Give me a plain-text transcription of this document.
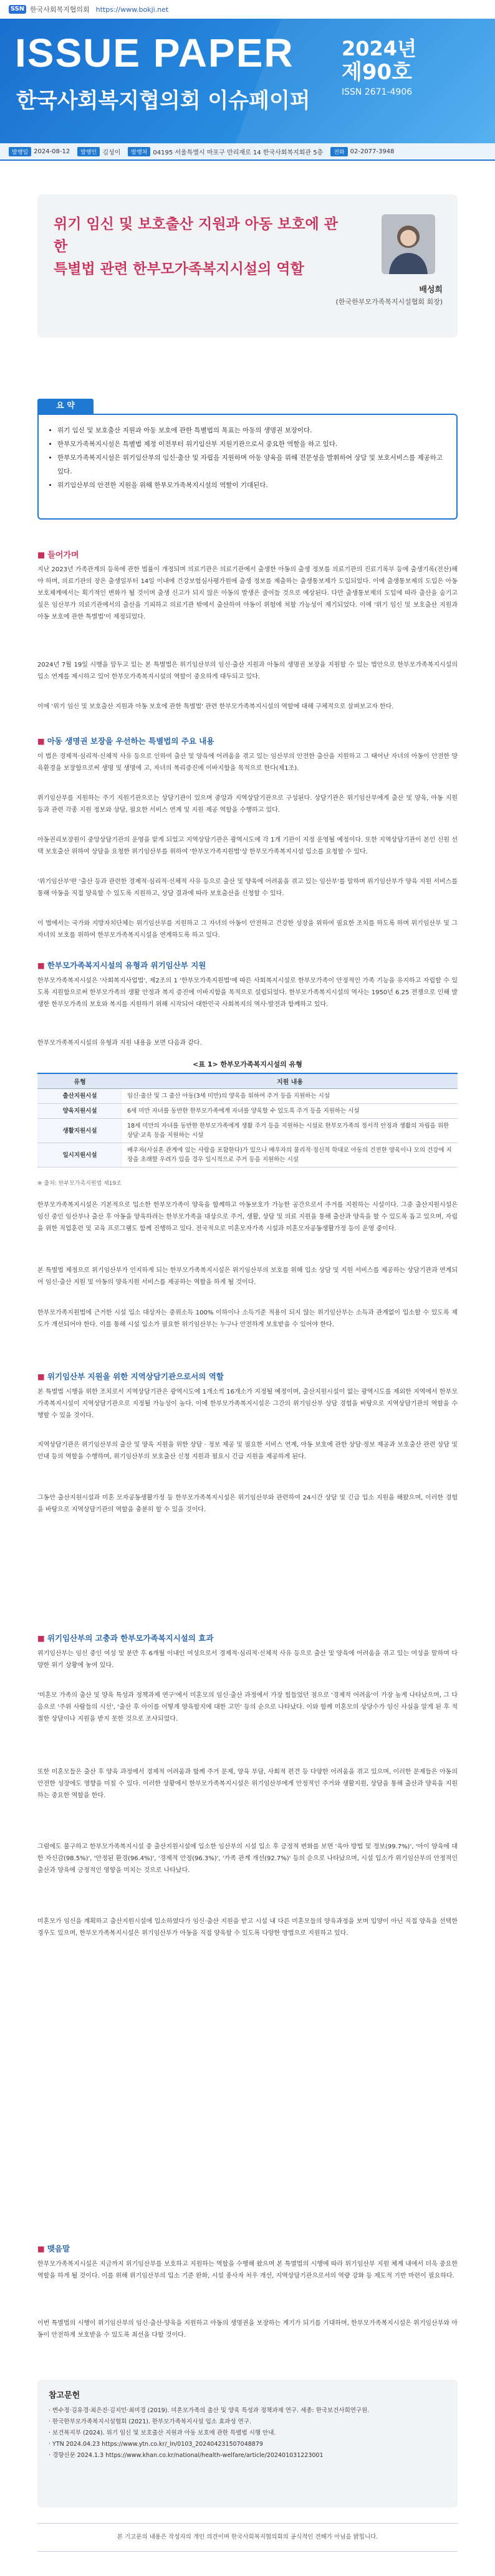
SSN 한국사회복지협의회 https://www.bokji.net
ISSUE PAPER
한국사회복지협의회 이슈페이퍼
2024년
제90호
ISSN 2671-4906
발행일 2024-08-12	발행인 김성이	발행처 04195 서울특별시 마포구 만리재로 14 한국사회복지회관 5층	전화 02-2077-3948
위기 임신 및 보호출산 지원과 아동 보호에 관한
특별법 관련 한부모가족복지시설의 역할
배성희
(한국한부모가족복지시설협회 회장)
요 약
• 위기 임신 및 보호출산 지원과 아동 보호에 관한 특별법의 목표는 아동의 생명권 보장이다.
• 한부모가족복지시설은 특별법 제정 이전부터 위기임산부 지원기관으로서 중요한 역할을 하고 있다.
• 한부모가족복지시설은 위기임산부의 임신·출산 및 자립을 지원하며 아동 양육을 위해 전문성을 발휘하여 상담 및 보호서비스를 제공하고 있다.
• 위기임산부의 안전한 지원을 위해 한부모가족복지시설의 역할이 기대된다.
■ 들어가며

지난 2023년 가족관계의 등록에 관한 법률이 개정되며 의료기관은 의료기관에서 출생한 아동의 출생 정보를 의료기관의 진료기록부 등에 출생기록(전산)해야 하며, 의료기관의 장은 출생일부터 14일 이내에 건강보험심사평가원에 출생 정보를 제출하는 출생통보제가 도입되었다. 이에 출생통보제의 도입은 아동 보호체계에서는 획기적인 변화가 될 것이며 출생 신고가 되지 않은 아동의 발생은 줄어들 것으로 예상된다. 다만 출생통보제의 도입에 따라 출산을 숨기고 싶은 임산부가 의료기관에서의 출산을 기피하고 의료기관 밖에서 출산하여 아동이 위험에 처할 가능성이 제기되었다. 이에 '위기 임신 및 보호출산 지원과 아동 보호에 관한 특별법'이 제정되었다.

2024년 7월 19일 시행을 앞두고 있는 본 특별법은 위기임산부의 임신·출산 지원과 아동의 생명권 보장을 지원할 수 있는 법안으로 한부모가족복지시설의 입소 연계를 제시하고 있어 한부모가족복지시설의 역할이 중요하게 대두되고 있다.

이에 '위기 임신 및 보호출산 지원과 아동 보호에 관한 특별법' 관련 한부모가족복지시설의 역할에 대해 구체적으로 살펴보고자 한다.

■ 아동 생명권 보장을 우선하는 특별법의 주요 내용

이 법은 경제적·심리적·신체적 사유 등으로 인하여 출산 및 양육에 어려움을 겪고 있는 임산부의 안전한 출산을 지원하고 그 태어난 자녀의 아동이 안전한 양육환경을 보장함으로써 생명 및 생명에 고, 자녀의 복리증진에 이바지함을 목적으로 한다(제1조).

위기임산부를 지원하는 주기 지원기관으로는 상담기관이 있으며 중앙과 지역상담기관으로 구성된다. 상담기관은 위기임산부에게 출산 및 양육, 아동 지원 등과 관련 각종 지원 정보와 상담, 필요한 서비스 연계 및 지원 제공 역할을 수행하고 있다.

아동권리보장원이 중앙상담기관의 운영을 맡게 되었고 지역상담기관은 광역시도에 각 1개 기관이 지정 운영될 예정이다. 또한 지역상담기관이 본인 신원 선택 보호출산 위하여 상담을 요청한 위기임산부를 위하여 '한부모가족지원법'상 한부모가족복지시설 입소를 요청할 수 있다.

'위기임산부'란 '출산 등과 관련한 경제적·심리적·신체적 사유 등으로 출산 및 양육에 어려움을 겪고 있는 임산부'를 말하며 위기임산부가 양육 지원 서비스를 통해 아동을 직접 양육할 수 있도록 지원하고, 상담 결과에 따라 보호출산을 신청할 수 있다.

이 법에서는 국가와 지방자치단체는 위기임산부를 지원하고 그 자녀의 아동이 안전하고 건강한 성장을 위하여 필요한 조치를 하도록 하며 위기임산부 및 그 자녀의 보호를 위하여 한부모가족복지시설을 연계하도록 하고 있다.

■ 한부모가족복지시설의 유형과 위기임산부 지원

한부모가족복지시설은 '사회복지사업법', 제2조의 1 '한부모가족지원법'에 따른 사회복지시설로 한부모가족이 안정적인 가족 기능을 유지하고 자립할 수 있도록 지원함으로써 한부모가족의 생활 안정과 복지 증진에 이바지함을 목적으로 설립되었다. 한부모가족복지시설의 역사는 1950년 6.25 전쟁으로 인해 발생한 한부모가족의 보호와 복지를 지원하기 위해 시작되어 대한민국 사회복지의 역사·발전과 함께하고 있다.

한부모가족복지시설의 유형과 지원 내용을 보면 다음과 같다.

<표 1> 한부모가족복지시설의 유형
유형	지원 내용
출산지원시설	임신·출산 및 그 출산 아동(3세 미만)의 양육을 위하여 주거 등을 지원하는 시설
양육지원시설	6세 미만 자녀를 동반한 한부모가족에게 자녀를 양육할 수 있도록 주거 등을 지원하는 시설
생활지원시설	18세 미만의 자녀를 동반한 한부모가족에게 생활 주거 등을 지원하는 시설로 한부모가족의 정서적 안정과 생활의 자립을 위한 상담·교육 등을 지원하는 시설
일시지원시설	배우자(사실혼 관계에 있는 사람을 포함한다)가 있으나 배우자의 물리적·정신적 학대로 아동의 건전한 양육이나 모의 건강에 지장을 초래할 우려가 있을 경우 일시적으로 주거 등을 지원하는 시설
※ 출처: 한부모가족지원법 제19조

한부모가족복지시설은 기본적으로 입소한 한부모가족이 양육을 함께하고 아동보호가 가능한 공간으로서 주거를 지원하는 시설이다. 그중 출산지원시설은 임신 중인 임산부나 출산 후 아동을 양육하려는 한부모가족을 대상으로 주거, 생활, 상담 및 의료 지원을 통해 출산과 양육을 할 수 있도록 돕고 있으며, 자립을 위한 직업훈련 및 교육 프로그램도 함께 진행하고 있다. 전국적으로 미혼모자가족 시설과 미혼모자공동생활가정 등이 운영 중이다.

본 특별법 제정으로 위기임산부가 인지하게 되는 한부모가족복지시설은 위기임산부의 보호를 위해 입소 상담 및 지원 서비스를 제공하는 상담기관과 연계되어 임신·출산 지원 및 아동의 양육지원 서비스를 제공하는 역할을 하게 될 것이다.

한부모가족지원법에 근거한 시설 입소 대상자는 중위소득 100% 이하이나 소득기준 적용이 되지 않는 위기임산부는 소득과 관계없이 입소할 수 있도록 제도가 개선되어야 한다. 이를 통해 시설 입소가 필요한 위기임산부는 누구나 안전하게 보호받을 수 있어야 한다.

■ 위기임산부 지원을 위한 지역상담기관으로서의 역할

본 특별법 시행을 위한 조치로서 지역상담기관은 광역시도에 1개소씩 16개소가 지정될 예정이며, 출산지원시설이 없는 광역시도를 제외한 지역에서 한부모가족복지시설이 지역상담기관으로 지정될 가능성이 높다. 이에 한부모가족복지시설은 그간의 위기임산부 상담 경험을 바탕으로 지역상담기관의 역할을 수행할 수 있을 것이다.

지역상담기관은 위기임산부의 출산 및 양육 지원을 위한 상담 · 정보 제공 및 필요한 서비스 연계, 아동 보호에 관한 상담·정보 제공과 보호출산 관련 상담 및 안내 등의 역할을 수행하며, 위기임산부의 보호출산 신청 지원과 필요시 긴급 지원을 제공하게 된다.

그동안 출산지원시설과 미혼 모자공동생활가정 등 한부모가족복지시설은 위기임산부와 관련하여 24시간 상담 및 긴급 입소 지원을 해왔으며, 이러한 경험을 바탕으로 지역상담기관의 역할을 충분히 할 수 있을 것이다.

■ 위기임산부의 고충과 한부모가족복지시설의 효과

위기임산부는 임신 중인 여성 및 분만 후 6개월 이내인 여성으로서 경제적·심리적·신체적 사유 등으로 출산 및 양육에 어려움을 겪고 있는 여성을 말하며 다양한 위기 상황에 놓여 있다.

'미혼모 가족의 출산 및 양육 특성과 정책과제 연구'에서 미혼모의 임신·출산 과정에서 가장 힘들었던 점으로 '경제적 어려움'이 가장 높게 나타났으며, 그 다음으로 '주위 사람들의 시선', '출산 후 아이를 어떻게 양육할지에 대한 고민' 등의 순으로 나타났다. 이와 함께 미혼모의 상당수가 임신 사실을 알게 된 후 적절한 상담이나 지원을 받지 못한 것으로 조사되었다.

또한 미혼모들은 출산 후 양육 과정에서 경제적 어려움과 함께 주거 문제, 양육 부담, 사회적 편견 등 다양한 어려움을 겪고 있으며, 이러한 문제들은 아동의 안전한 성장에도 영향을 미칠 수 있다. 이러한 상황에서 한부모가족복지시설은 위기임산부에게 안정적인 주거와 생활지원, 상담을 통해 출산과 양육을 지원하는 중요한 역할을 한다.

그럼에도 불구하고 한부모가족복지시설 중 출산지원시설에 입소한 임산부의 시설 입소 후 긍정적 변화를 보면 '육아 방법 및 정보(99.7%)', '아이 양육에 대한 자신감(98.5%)', '안정된 환경(96.4%)', '경제적 안정(96.3%)', '가족 관계 개선(92.7%)' 등의 순으로 나타났으며, 시설 입소가 위기임산부의 안정적인 출산과 양육에 긍정적인 영향을 미치는 것으로 나타났다.

미혼모가 임신을 계획하고 출산지원시설에 입소하였다가 임신·출산 지원을 받고 시설 내 다른 미혼모들의 양육과정을 보며 입양이 아닌 직접 양육을 선택한 경우도 있으며, 한부모가족복지시설은 위기임산부가 아동을 직접 양육할 수 있도록 다양한 방법으로 지원하고 있다.

■ 맺음말

한부모가족복지시설은 지금까지 위기임산부를 보호하고 지원하는 역할을 수행해 왔으며 본 특별법의 시행에 따라 위기임산부 지원 체계 내에서 더욱 중요한 역할을 하게 될 것이다. 이를 위해 위기임산부의 입소 기준 완화, 시설 종사자 처우 개선, 지역상담기관으로서의 역량 강화 등 제도적 기반 마련이 필요하다.

이번 특별법의 시행이 위기임산부의 임신·출산·양육을 지원하고 아동의 생명권을 보장하는 계기가 되기를 기대하며, 한부모가족복지시설은 위기임산부와 아동이 안전하게 보호받을 수 있도록 최선을 다할 것이다.

참고문헌
· 변수정·김유경·최은진·김지민·최미경 (2019). 미혼모가족의 출산 및 양육 특성과 정책과제 연구. 세종: 한국보건사회연구원.
· 한국한부모가족복지시설협회 (2021). 한부모가족복지시설 입소 효과성 연구.
· 보건복지부 (2024). 위기 임신 및 보호출산 지원과 아동 보호에 관한 특별법 시행 안내.
· YTN 2024.04.23 https://www.ytn.co.kr/_ln/0103_202404231507048879
· 경향신문 2024.1.3 https://www.khan.co.kr/national/health-welfare/article/202401031223001
본 기고문의 내용은 작성자의 개인 의견이며 한국사회복지협의회의 공식적인 견해가 아님을 밝힙니다.
